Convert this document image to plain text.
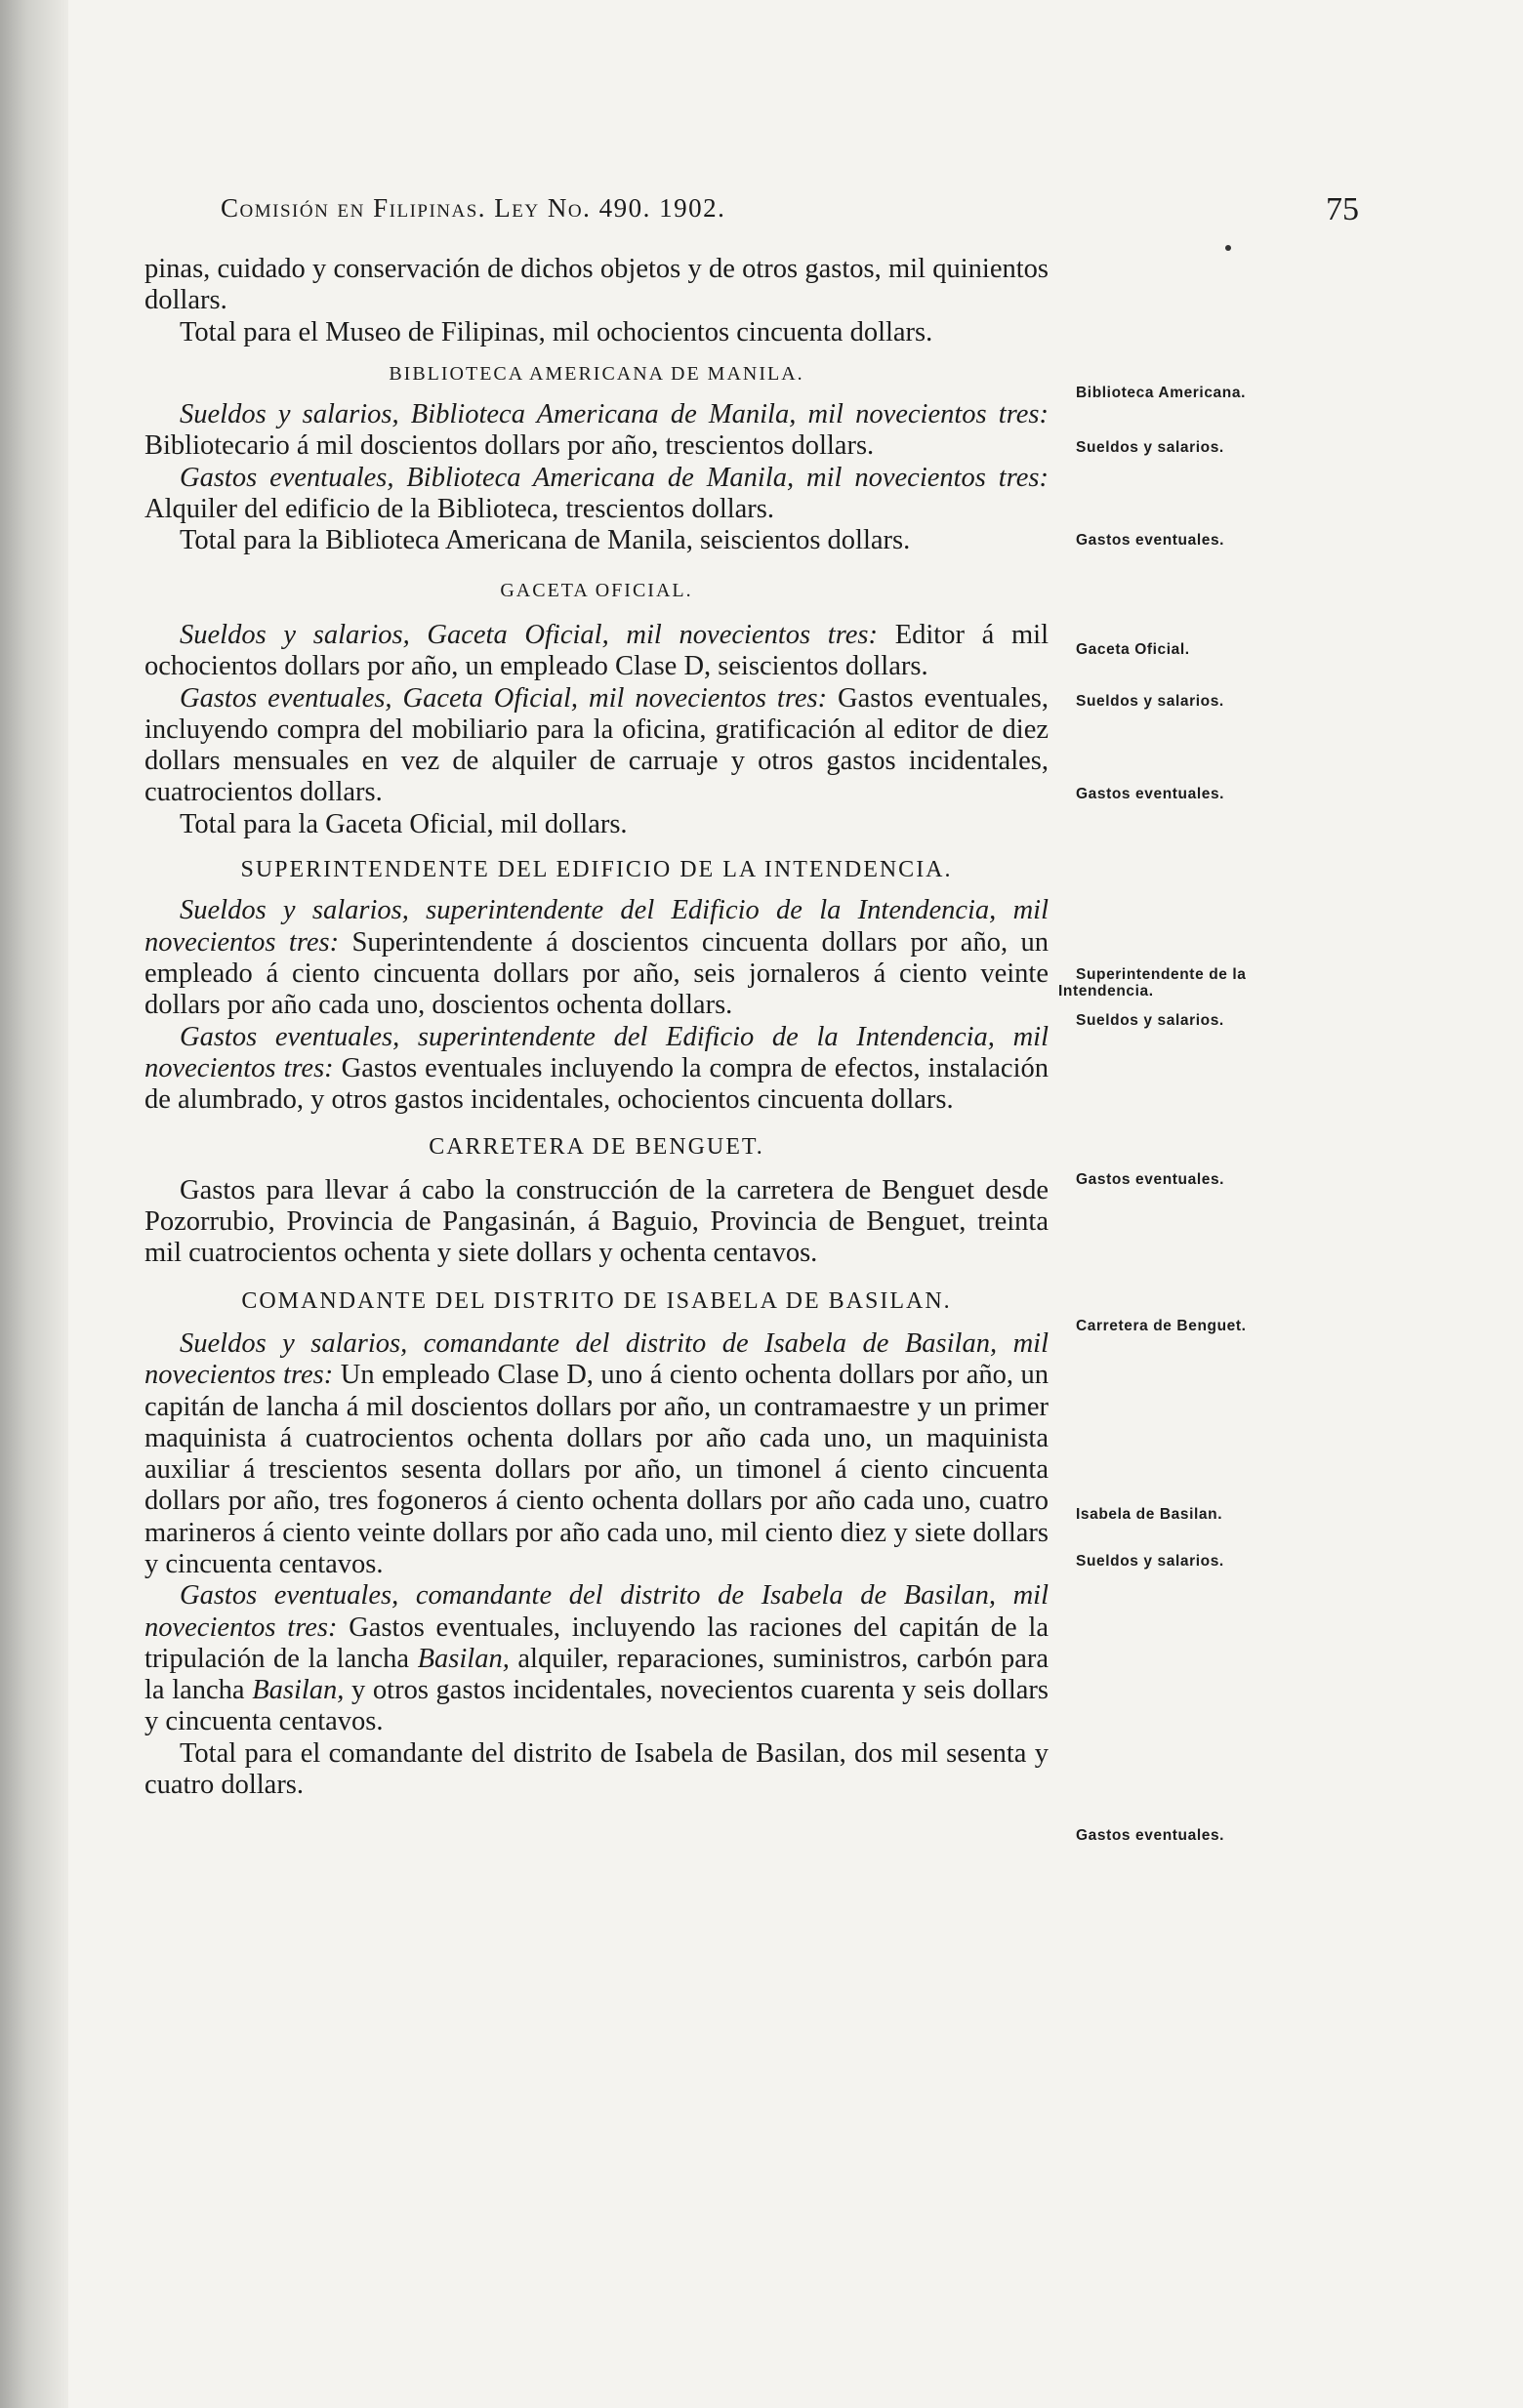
Comisión en Filipinas. Ley No. 490. 1902.	75

pinas, cuidado y conservación de dichos objetos y de otros gastos, mil quinientos dollars.

Total para el Museo de Filipinas, mil ochocientos cincuenta dollars.

BIBLIOTECA AMERICANA DE MANILA.

Sueldos y salarios, Biblioteca Americana de Manila, mil novecientos tres: Bibliotecario á mil doscientos dollars por año, trescientos dollars.

Gastos eventuales, Biblioteca Americana de Manila, mil novecientos tres: Alquiler del edificio de la Biblioteca, trescientos dollars.

Total para la Biblioteca Americana de Manila, seiscientos dollars.

GACETA OFICIAL.

Sueldos y salarios, Gaceta Oficial, mil novecientos tres: Editor á mil ochocientos dollars por año, un empleado Clase D, seiscientos dollars.

Gastos eventuales, Gaceta Oficial, mil novecientos tres: Gastos eventuales, incluyendo compra del mobiliario para la oficina, gratificación al editor de diez dollars mensuales en vez de alquiler de carruaje y otros gastos incidentales, cuatrocientos dollars.

Total para la Gaceta Oficial, mil dollars.

SUPERINTENDENTE DEL EDIFICIO DE LA INTENDENCIA.

Sueldos y salarios, superintendente del Edificio de la Intendencia, mil novecientos tres: Superintendente á doscientos cincuenta dollars por año, un empleado á ciento cincuenta dollars por año, seis jornaleros á ciento veinte dollars por año cada uno, doscientos ochenta dollars.

Gastos eventuales, superintendente del Edificio de la Intendencia, mil novecientos tres: Gastos eventuales incluyendo la compra de efectos, instalación de alumbrado, y otros gastos incidentales, ochocientos cincuenta dollars.

CARRETERA DE BENGUET.

Gastos para llevar á cabo la construcción de la carretera de Benguet desde Pozorrubio, Provincia de Pangasinán, á Baguio, Provincia de Benguet, treinta mil cuatrocientos ochenta y siete dollars y ochenta centavos.

COMANDANTE DEL DISTRITO DE ISABELA DE BASILAN.

Sueldos y salarios, comandante del distrito de Isabela de Basilan, mil novecientos tres: Un empleado Clase D, uno á ciento ochenta dollars por año, un capitán de lancha á mil doscientos dollars por año, un contramaestre y un primer maquinista á cuatrocientos ochenta dollars por año cada uno, un maquinista auxiliar á trescientos sesenta dollars por año, un timonel á ciento cincuenta dollars por año, tres fogoneros á ciento ochenta dollars por año cada uno, cuatro marineros á ciento veinte dollars por año cada uno, mil ciento diez y siete dollars y cincuenta centavos.

Gastos eventuales, comandante del distrito de Isabela de Basilan, mil novecientos tres: Gastos eventuales, incluyendo las raciones del capitán de la tripulación de la lancha Basilan, alquiler, reparaciones, suministros, carbón para la lancha Basilan, y otros gastos incidentales, novecientos cuarenta y seis dollars y cincuenta centavos.

Total para el comandante del distrito de Isabela de Basilan, dos mil sesenta y cuatro dollars.

Biblioteca Americana.
Sueldos y salarios.
Gastos eventuales.
Gaceta Oficial.
Sueldos y salarios.
Gastos eventuales.
Superintendente de la Intendencia.
Sueldos y salarios.
Gastos eventuales.
Carretera de Benguet.
Isabela de Basilan.
Sueldos y salarios.
Gastos eventuales.
